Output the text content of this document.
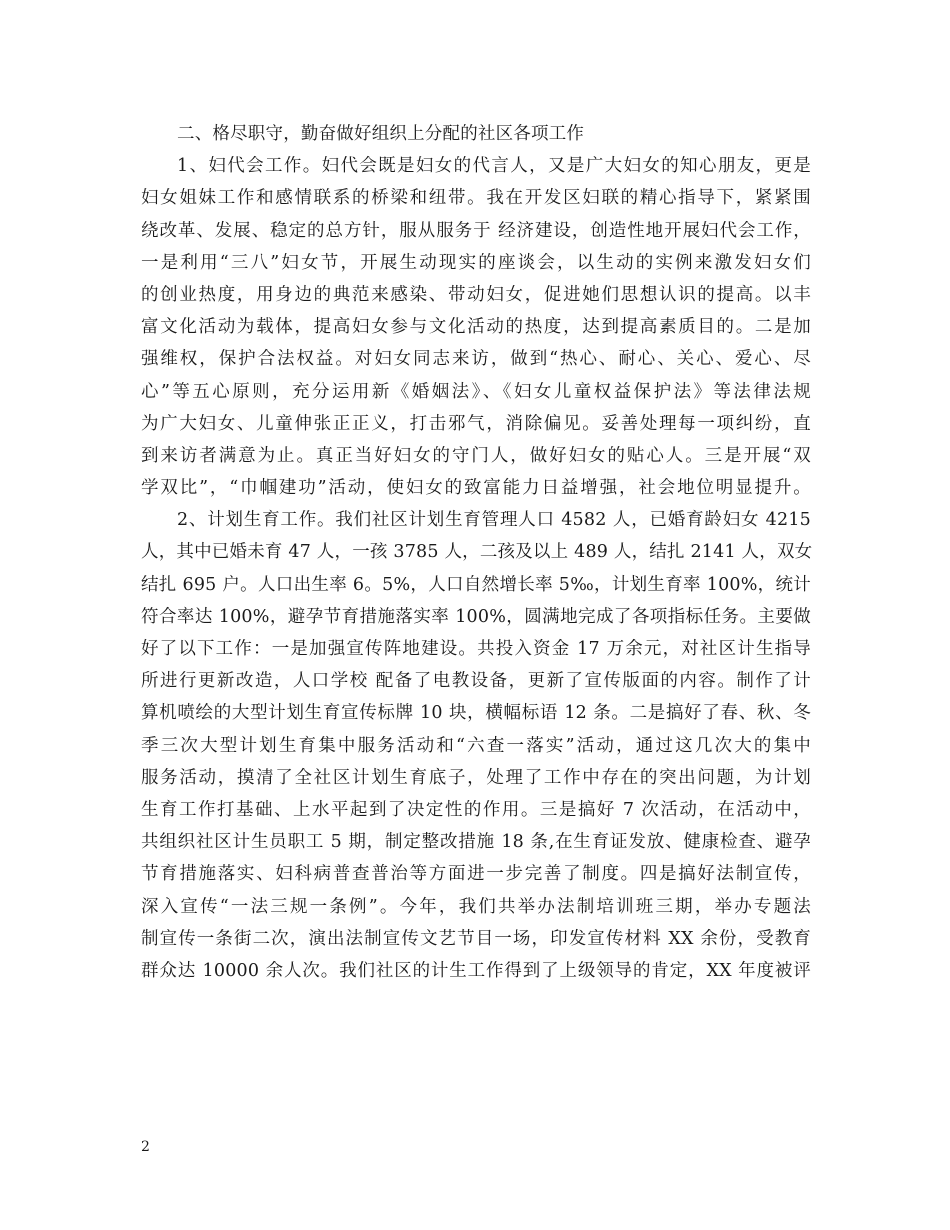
二、格尽职守，勤奋做好组织上分配的社区各项工作
1、妇代会工作。妇代会既是妇女的代言人，又是广大妇女的知心朋友，更是
妇女姐妹工作和感情联系的桥梁和纽带。我在开发区妇联的精心指导下，紧紧围
绕改革、发展、稳定的总方针，服从服务于 经济建设，创造性地开展妇代会工作，
一是利用“三八”妇女节，开展生动现实的座谈会，以生动的实例来激发妇女们
的创业热度，用身边的典范来感染、带动妇女，促进她们思想认识的提高。以丰
富文化活动为载体，提高妇女参与文化活动的热度，达到提高素质目的。二是加
强维权，保护合法权益。对妇女同志来访，做到“热心、耐心、关心、爱心、尽
心”等五心原则，充分运用新《婚姻法》、《妇女儿童权益保护法》等法律法规
为广大妇女、儿童伸张正正义，打击邪气，消除偏见。妥善处理每一项纠纷，直
到来访者满意为止。真正当好妇女的守门人，做好妇女的贴心人。三是开展“双
学双比”，“巾帼建功”活动，使妇女的致富能力日益增强，社会地位明显提升。
2、计划生育工作。我们社区计划生育管理人口 4582 人，已婚育龄妇女 4215
人，其中已婚未育 47 人，一孩 3785 人，二孩及以上 489 人，结扎 2141 人，双女
结扎 695 户。人口出生率 6。5%，人口自然增长率 5‰，计划生育率 100%，统计
符合率达 100%，避孕节育措施落实率 100%，圆满地完成了各项指标任务。主要做
好了以下工作：一是加强宣传阵地建设。共投入资金 17 万余元，对社区计生指导
所进行更新改造，人口学校 配备了电教设备，更新了宣传版面的内容。制作了计
算机喷绘的大型计划生育宣传标牌 10 块，横幅标语 12 条。二是搞好了春、秋、冬
季三次大型计划生育集中服务活动和“六查一落实”活动，通过这几次大的集中
服务活动，摸清了全社区计划生育底子，处理了工作中存在的突出问题，为计划
生育工作打基础、上水平起到了决定性的作用。三是搞好 7 次活动，在活动中，
共组织社区计生员职工 5 期，制定整改措施 18 条,在生育证发放、健康检查、避孕
节育措施落实、妇科病普查普治等方面进一步完善了制度。四是搞好法制宣传，
深入宣传“一法三规一条例”。今年，我们共举办法制培训班三期，举办专题法
制宣传一条街二次，演出法制宣传文艺节目一场，印发宣传材料 XX 余份，受教育
群众达 10000 余人次。我们社区的计生工作得到了上级领导的肯定，XX 年度被评
2
